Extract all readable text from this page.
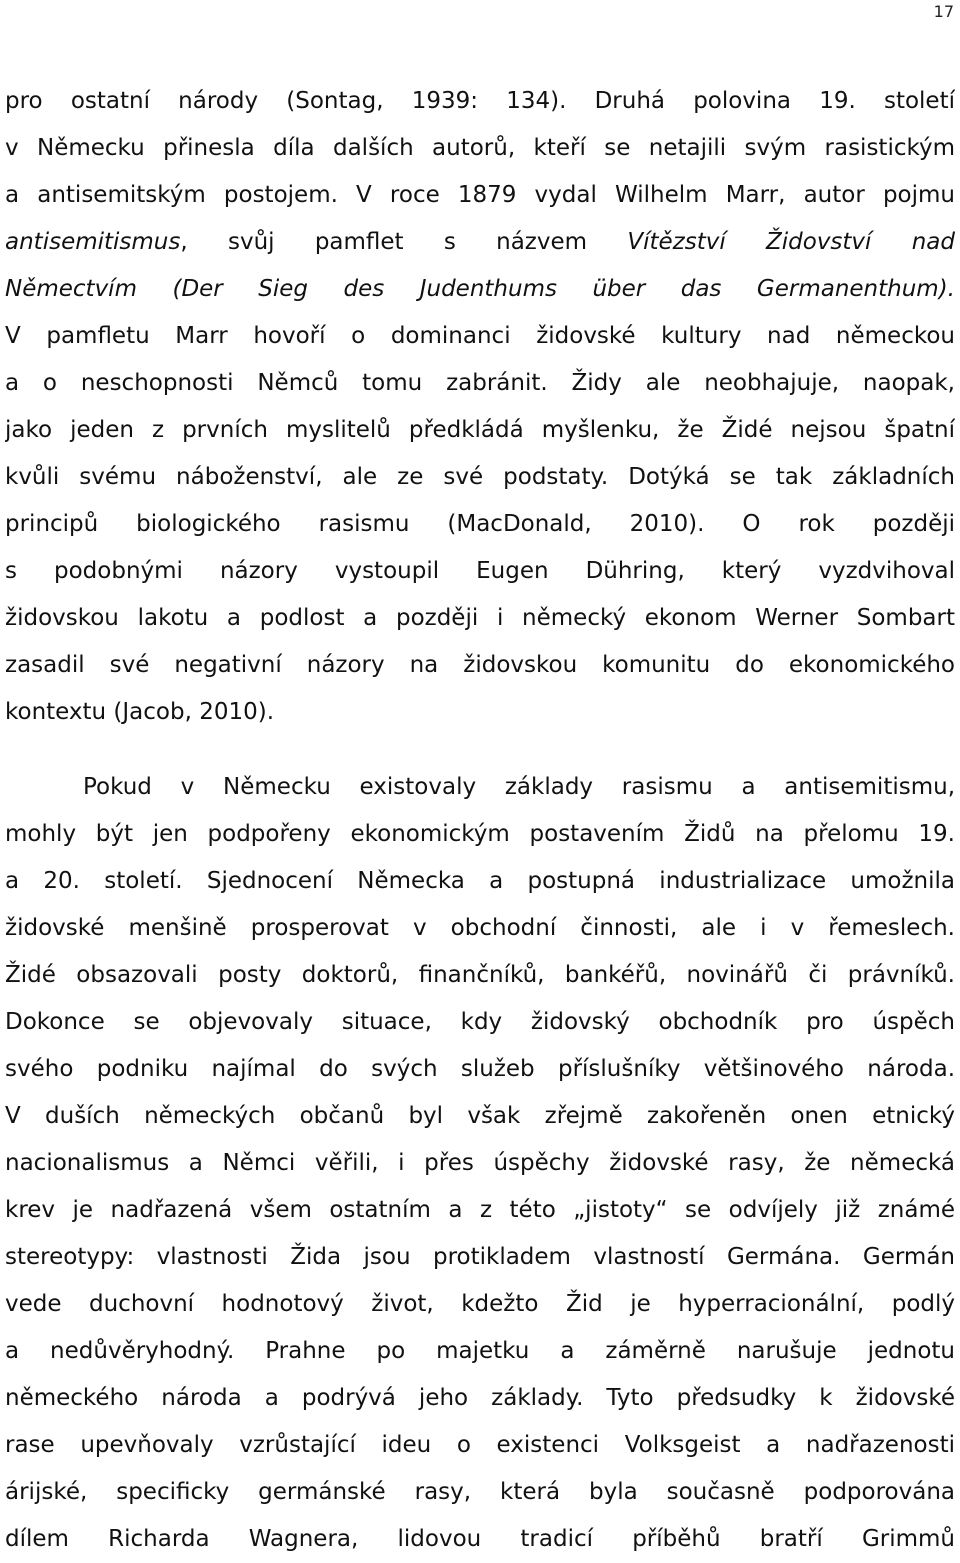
17
pro ostatní národy (Sontag, 1939: 134). Druhá polovina 19. století
v Německu přinesla díla dalších autorů, kteří se netajili svým rasistickým
a antisemitským postojem. V roce 1879 vydal Wilhelm Marr, autor pojmu
antisemitismus, svůj pamflet s názvem Vítězství Židovství nad
Němectvím (Der Sieg des Judenthums über das Germanenthum).
V pamfletu Marr hovoří o dominanci židovské kultury nad německou
a o neschopnosti Němců tomu zabránit. Židy ale neobhajuje, naopak,
jako jeden z prvních myslitelů předkládá myšlenku, že Židé nejsou špatní
kvůli svému náboženství, ale ze své podstaty. Dotýká se tak základních
principů biologického rasismu (MacDonald, 2010). O rok později
s podobnými názory vystoupil Eugen Dühring, který vyzdvihoval
židovskou lakotu a podlost a později i německý ekonom Werner Sombart
zasadil své negativní názory na židovskou komunitu do ekonomického
kontextu (Jacob, 2010).
Pokud v Německu existovaly základy rasismu a antisemitismu,
mohly být jen podpořeny ekonomickým postavením Židů na přelomu 19.
a 20. století. Sjednocení Německa a postupná industrializace umožnila
židovské menšině prosperovat v obchodní činnosti, ale i v řemeslech.
Židé obsazovali posty doktorů, finančníků, bankéřů, novinářů či právníků.
Dokonce se objevovaly situace, kdy židovský obchodník pro úspěch
svého podniku najímal do svých služeb příslušníky většinového národa.
V duších německých občanů byl však zřejmě zakořeněn onen etnický
nacionalismus a Němci věřili, i přes úspěchy židovské rasy, že německá
krev je nadřazená všem ostatním a z této „jistoty“ se odvíjely již známé
stereotypy: vlastnosti Žida jsou protikladem vlastností Germána. Germán
vede duchovní hodnotový život, kdežto Žid je hyperracionální, podlý
a nedůvěryhodný. Prahne po majetku a záměrně narušuje jednotu
německého národa a podrývá jeho základy. Tyto předsudky k židovské
rase upevňovaly vzrůstající ideu o existenci Volksgeist a nadřazenosti
árijské, specificky germánské rasy, která byla současně podporována
dílem Richarda Wagnera, lidovou tradicí příběhů bratří Grimmů
